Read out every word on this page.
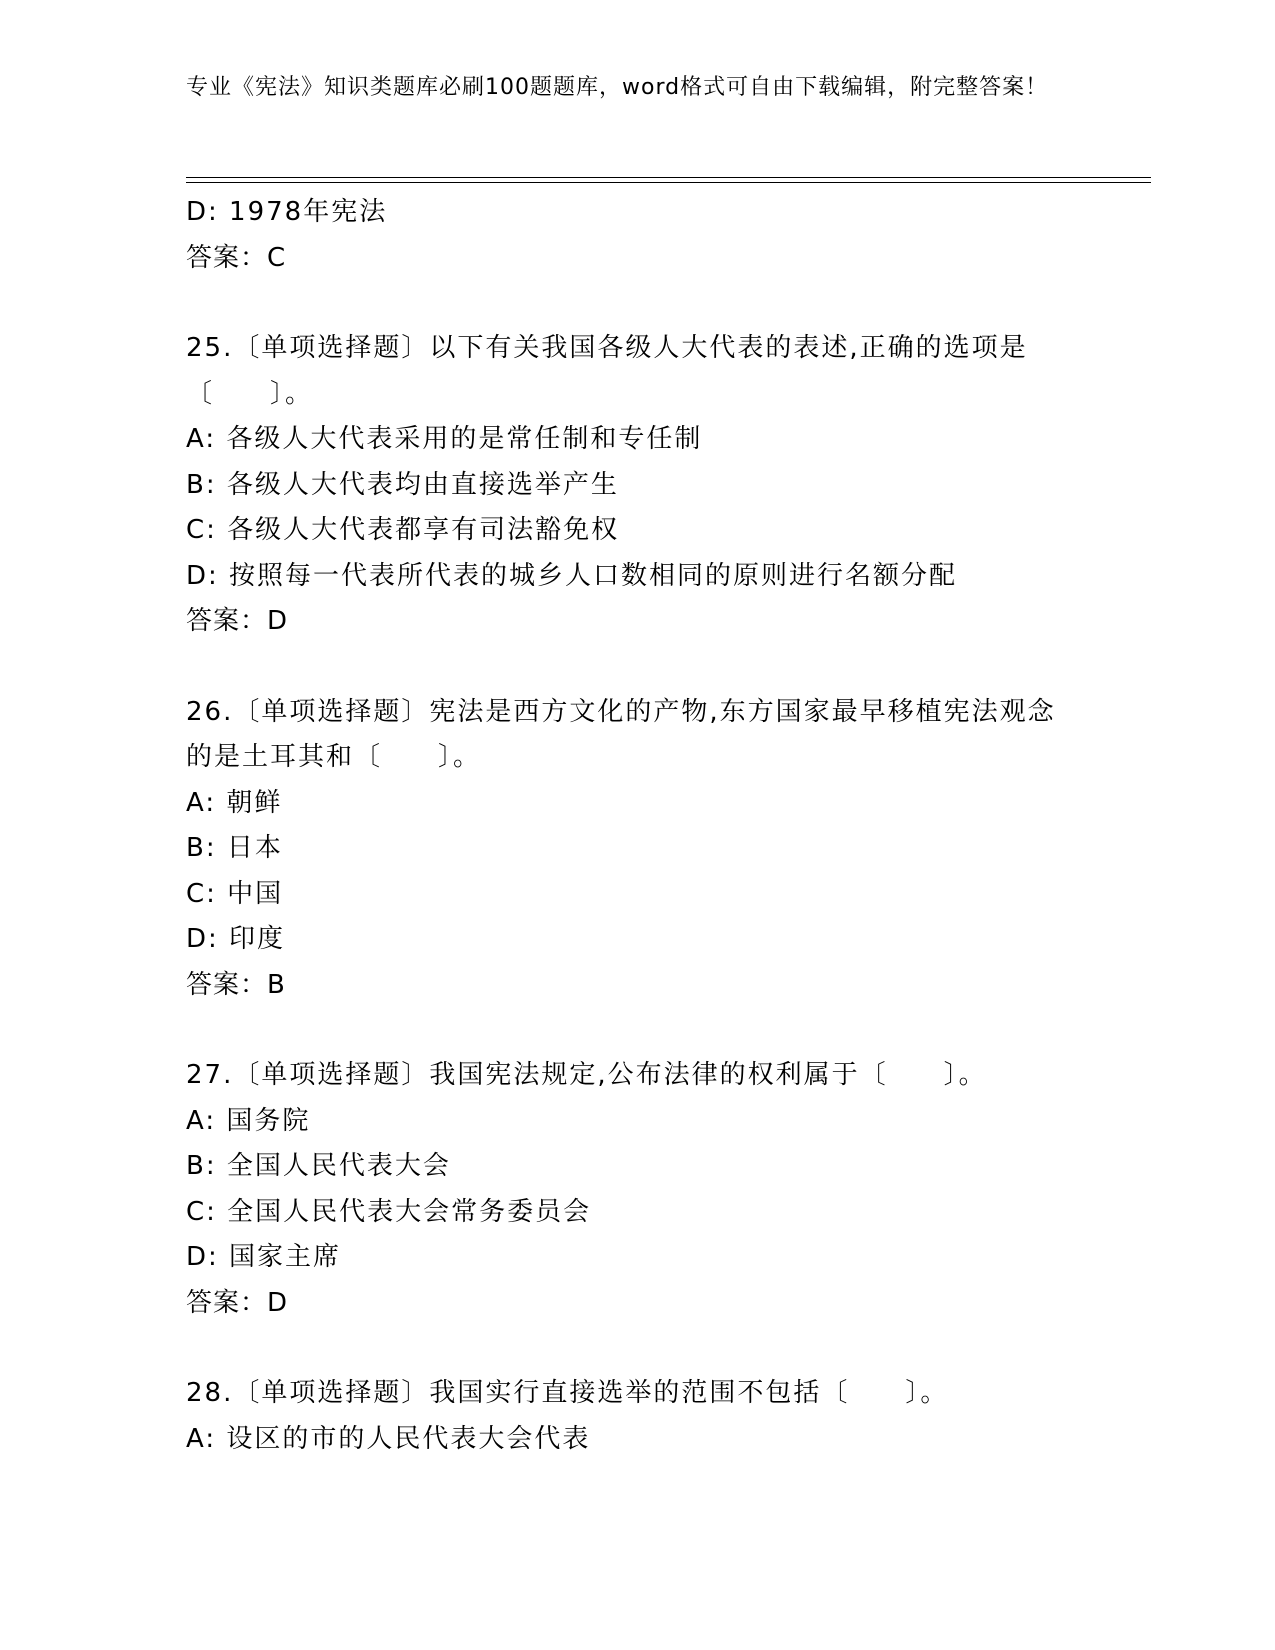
专业《宪法》知识类题库必刷100题题库，word格式可自由下载编辑，附完整答案！
D: 1978年宪法
答案：C
25.〔单项选择题〕以下有关我国各级人大代表的表述,正确的选项是〔　　〕。
A: 各级人大代表采用的是常任制和专任制
B: 各级人大代表均由直接选举产生
C: 各级人大代表都享有司法豁免权
D: 按照每一代表所代表的城乡人口数相同的原则进行名额分配
答案：D
26.〔单项选择题〕宪法是西方文化的产物,东方国家最早移植宪法观念的是土耳其和〔　　〕。
A: 朝鲜
B: 日本
C: 中国
D: 印度
答案：B
27.〔单项选择题〕我国宪法规定,公布法律的权利属于〔　　〕。
A: 国务院
B: 全国人民代表大会
C: 全国人民代表大会常务委员会
D: 国家主席
答案：D
28.〔单项选择题〕我国实行直接选举的范围不包括〔　　〕。
A: 设区的市的人民代表大会代表
